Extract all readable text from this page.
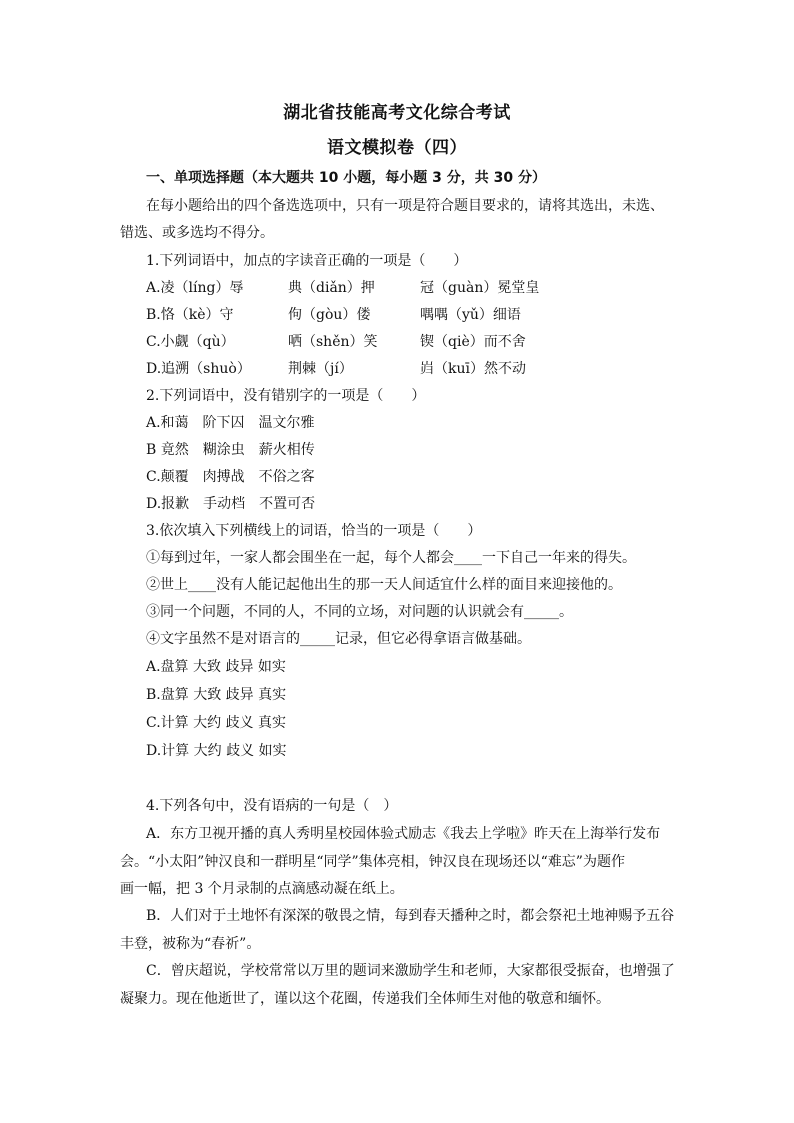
湖北省技能高考文化综合考试
语文模拟卷（四）
一、单项选择题（本大题共 10 小题，每小题 3 分，共 30 分）
在每小题给出的四个备选选项中，只有一项是符合题目要求的，请将其选出，未选、
错选、或多选均不得分。
1.下列词语中，加点的字读音正确的一项是（　　）
A.凌（líng）辱	典（diǎn）押	冠（guàn）冕堂皇
B.恪（kè）守	佝（gòu）偻	喁喁（yǔ）细语
C.小觑（qù）	哂（shěn）笑	锲（qiè）而不舍
D.追溯（shuò）	荆棘（jí）	岿（kuī）然不动
2.下列词语中，没有错别字的一项是（　　）
A.和蔼　阶下囚　温文尔雅
B 竟然　糊涂虫　薪火相传
C.颠覆　肉搏战　不俗之客
D.报歉　手动档　不置可否
3.依次填入下列横线上的词语，恰当的一项是（　　）
①每到过年，一家人都会围坐在一起，每个人都会____一下自己一年来的得失。
②世上____没有人能记起他出生的那一天人间适宜什么样的面目来迎接他的。
③同一个问题，不同的人，不同的立场，对问题的认识就会有_____。
④文字虽然不是对语言的_____记录，但它必得拿语言做基础。
A.盘算 大致 歧异 如实
B.盘算 大致 歧异 真实
C.计算 大约 歧义 真实
D.计算 大约 歧义 如实
4.下列各句中，没有语病的一句是（　）
A．东方卫视开播的真人秀明星校园体验式励志《我去上学啦》昨天在上海举行发布
会。“小太阳”钟汉良和一群明星“同学”集体亮相，钟汉良在现场还以“难忘”为题作
画一幅，把 3 个月录制的点滴感动凝在纸上。
B．人们对于土地怀有深深的敬畏之情，每到春天播种之时，都会祭祀土地神赐予五谷
丰登，被称为“春祈”。
C．曾庆超说，学校常常以万里的题词来激励学生和老师，大家都很受振奋，也增强了
凝聚力。现在他逝世了，谨以这个花圈，传递我们全体师生对他的敬意和缅怀。
